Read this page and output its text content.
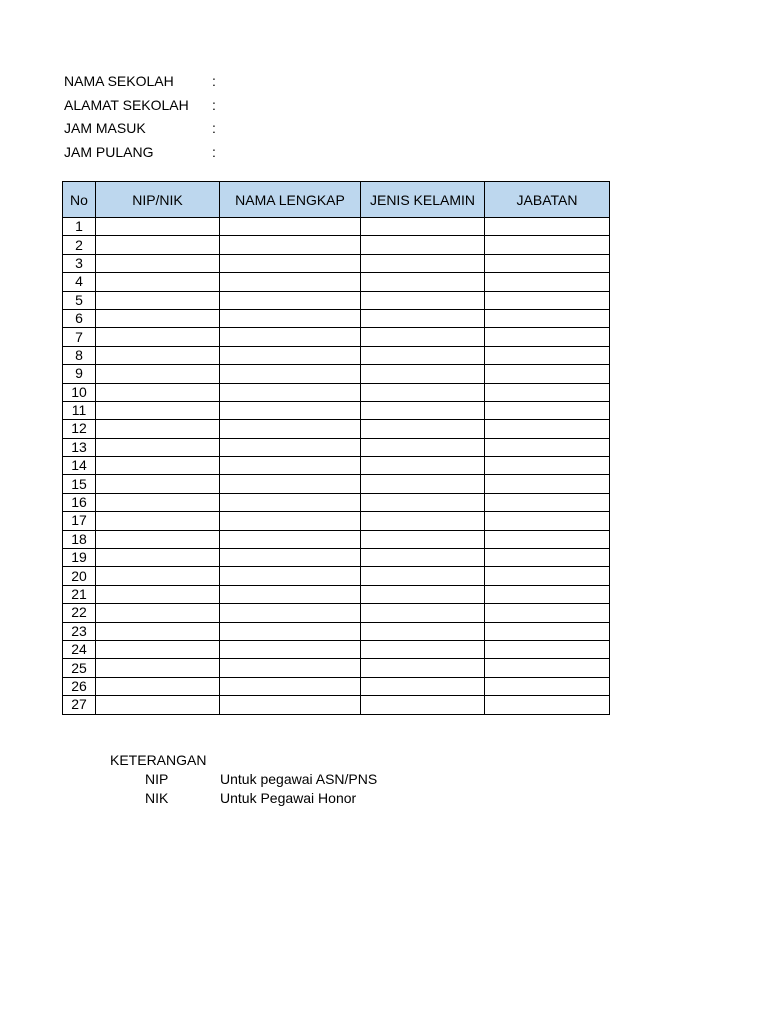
NAMA SEKOLAH	:
ALAMAT SEKOLAH :
JAM MASUK	:
JAM PULANG	:
No	NIP/NIK	NAMA LENGKAP	JENIS KELAMIN	JABATAN
1				
2				
3				
4				
5				
6				
7				
8				
9				
10				
11				
12				
13				
14				
15				
16				
17				
18				
19				
20				
21				
22				
23				
24				
25				
26				
27				
KETERANGAN
NIP	Untuk pegawai ASN/PNS
NIK	Untuk Pegawai Honor
